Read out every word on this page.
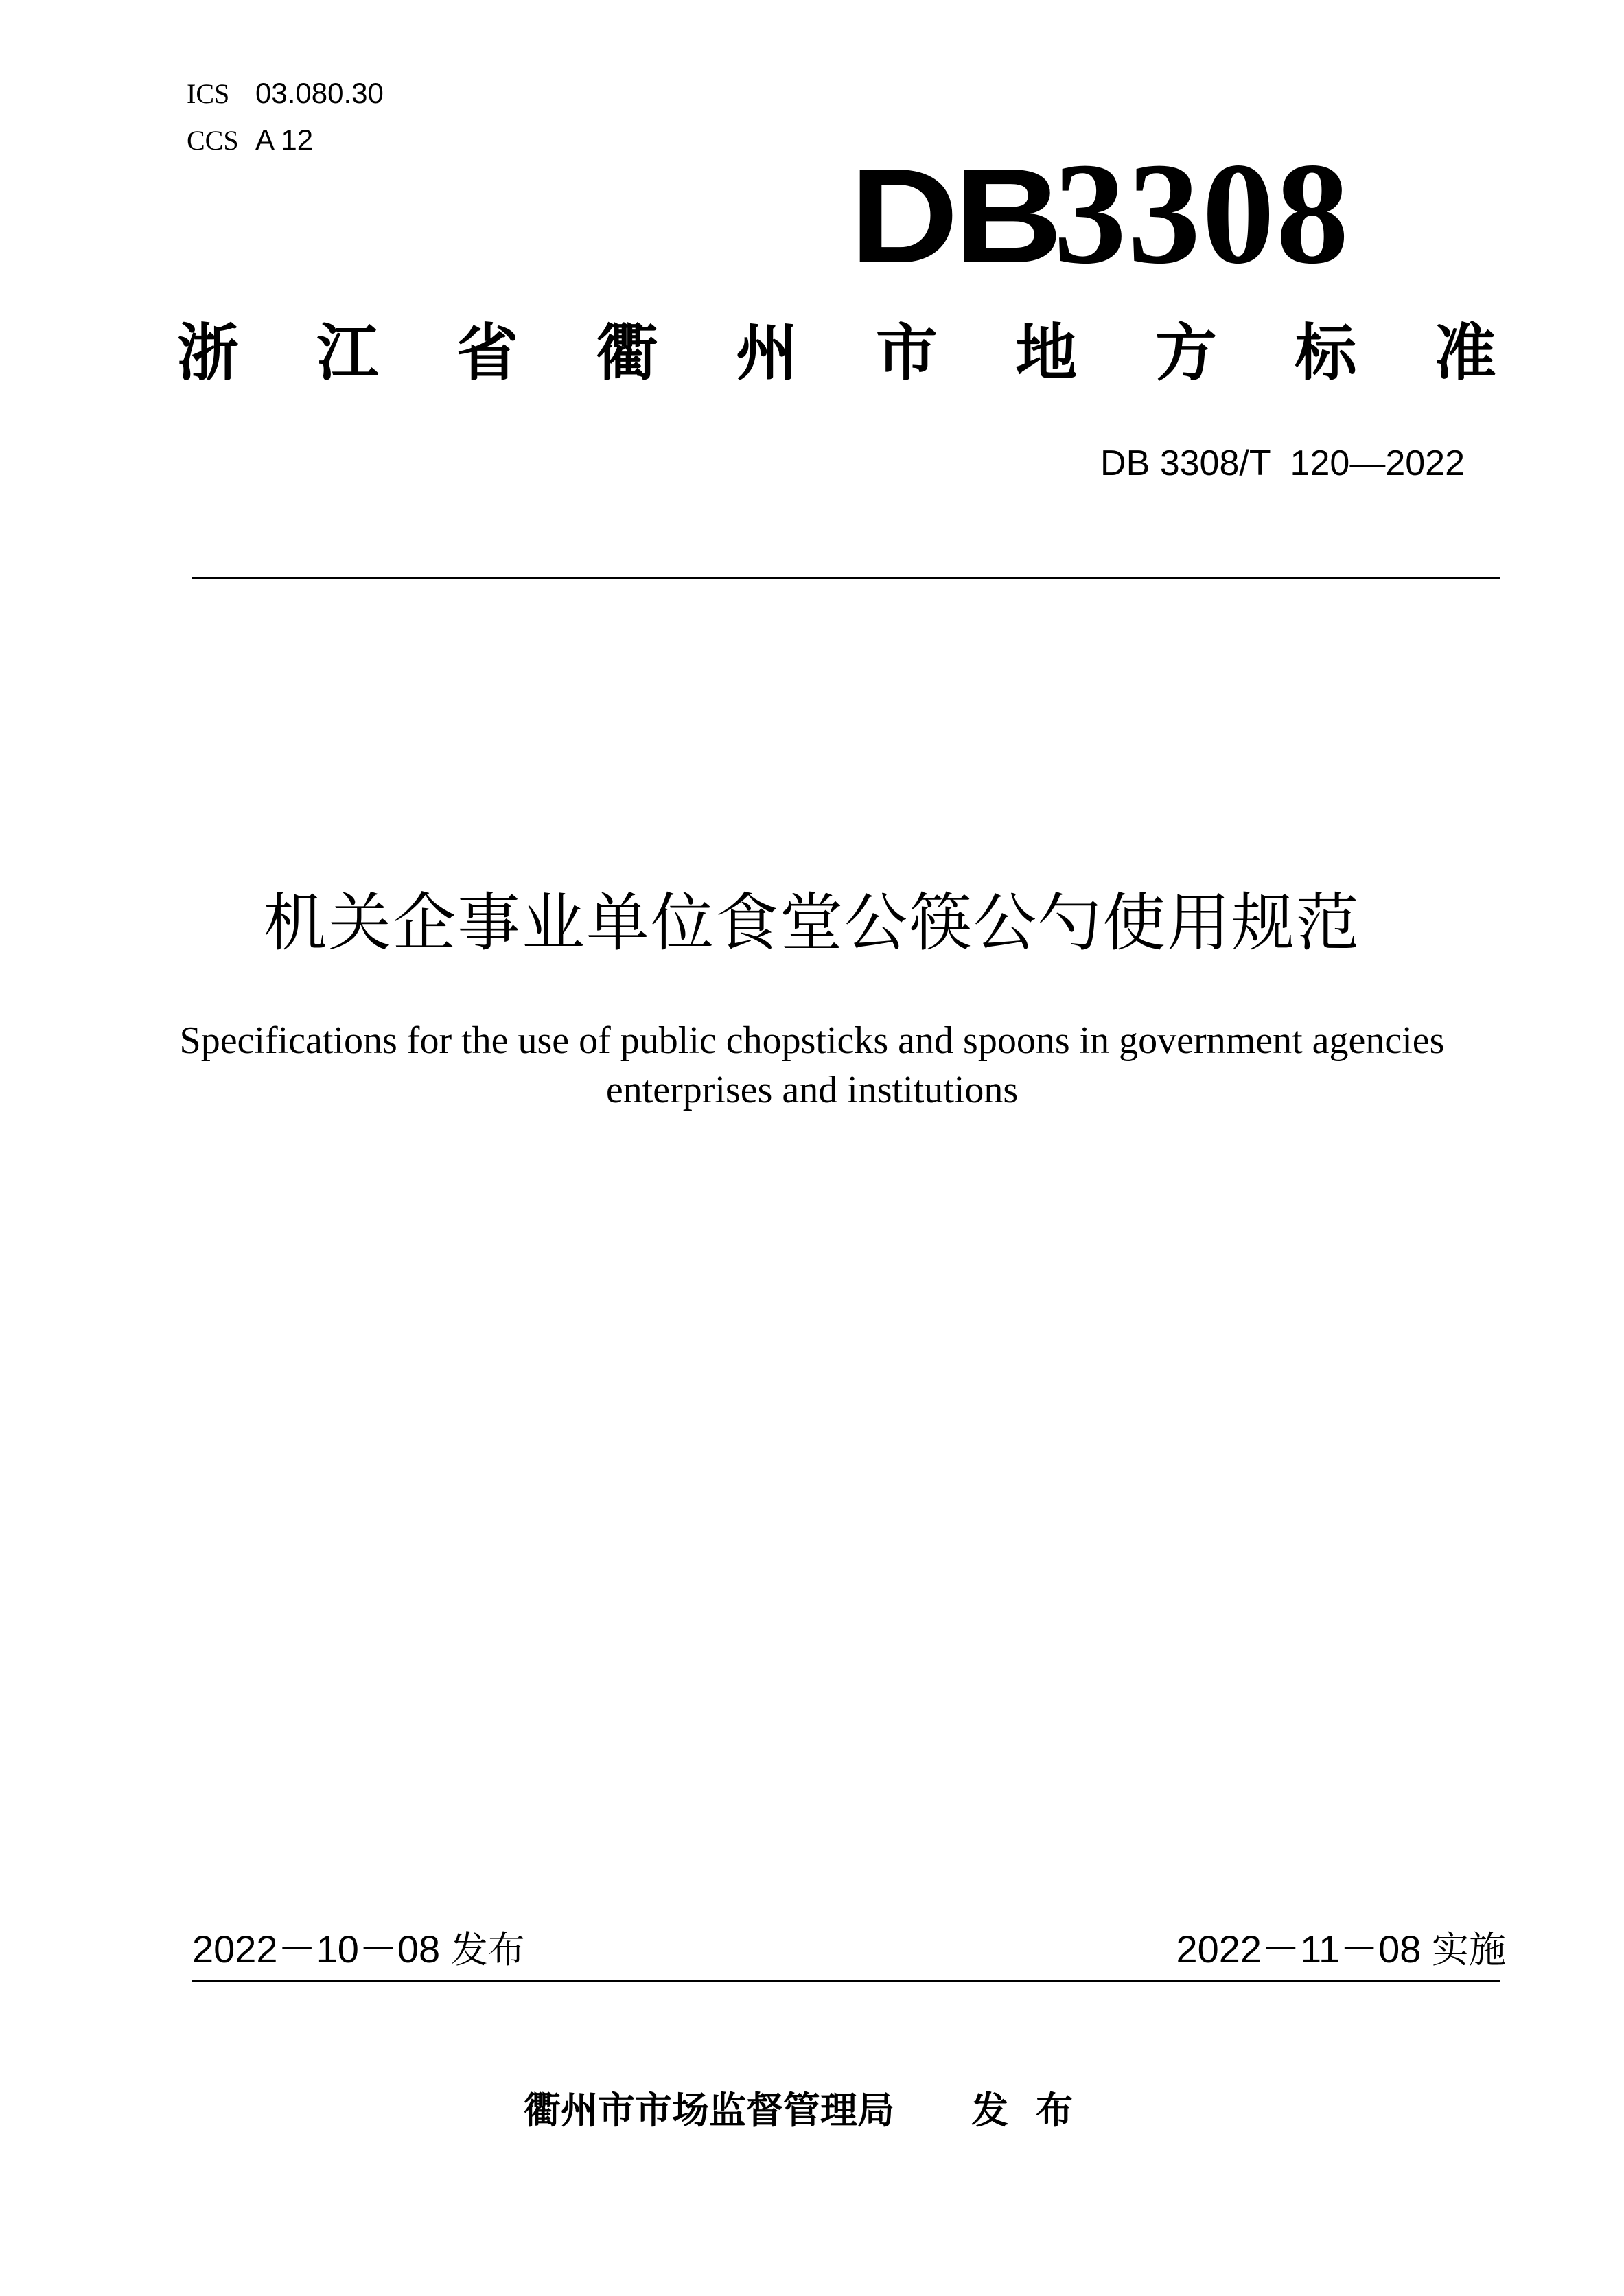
ICS 03.080.30
CCS A 12
DB
3308
浙 江 省 衢 州 市 地 方 标 准
DB 3308/T  120—2022
机关企事业单位食堂公筷公勺使用规范
Specifications for the use of public chopsticks and spoons in government agencies
enterprises and institutions
2022－10－08 发布	2022－11－08 实施
衢州市市场监督管理局 发布
